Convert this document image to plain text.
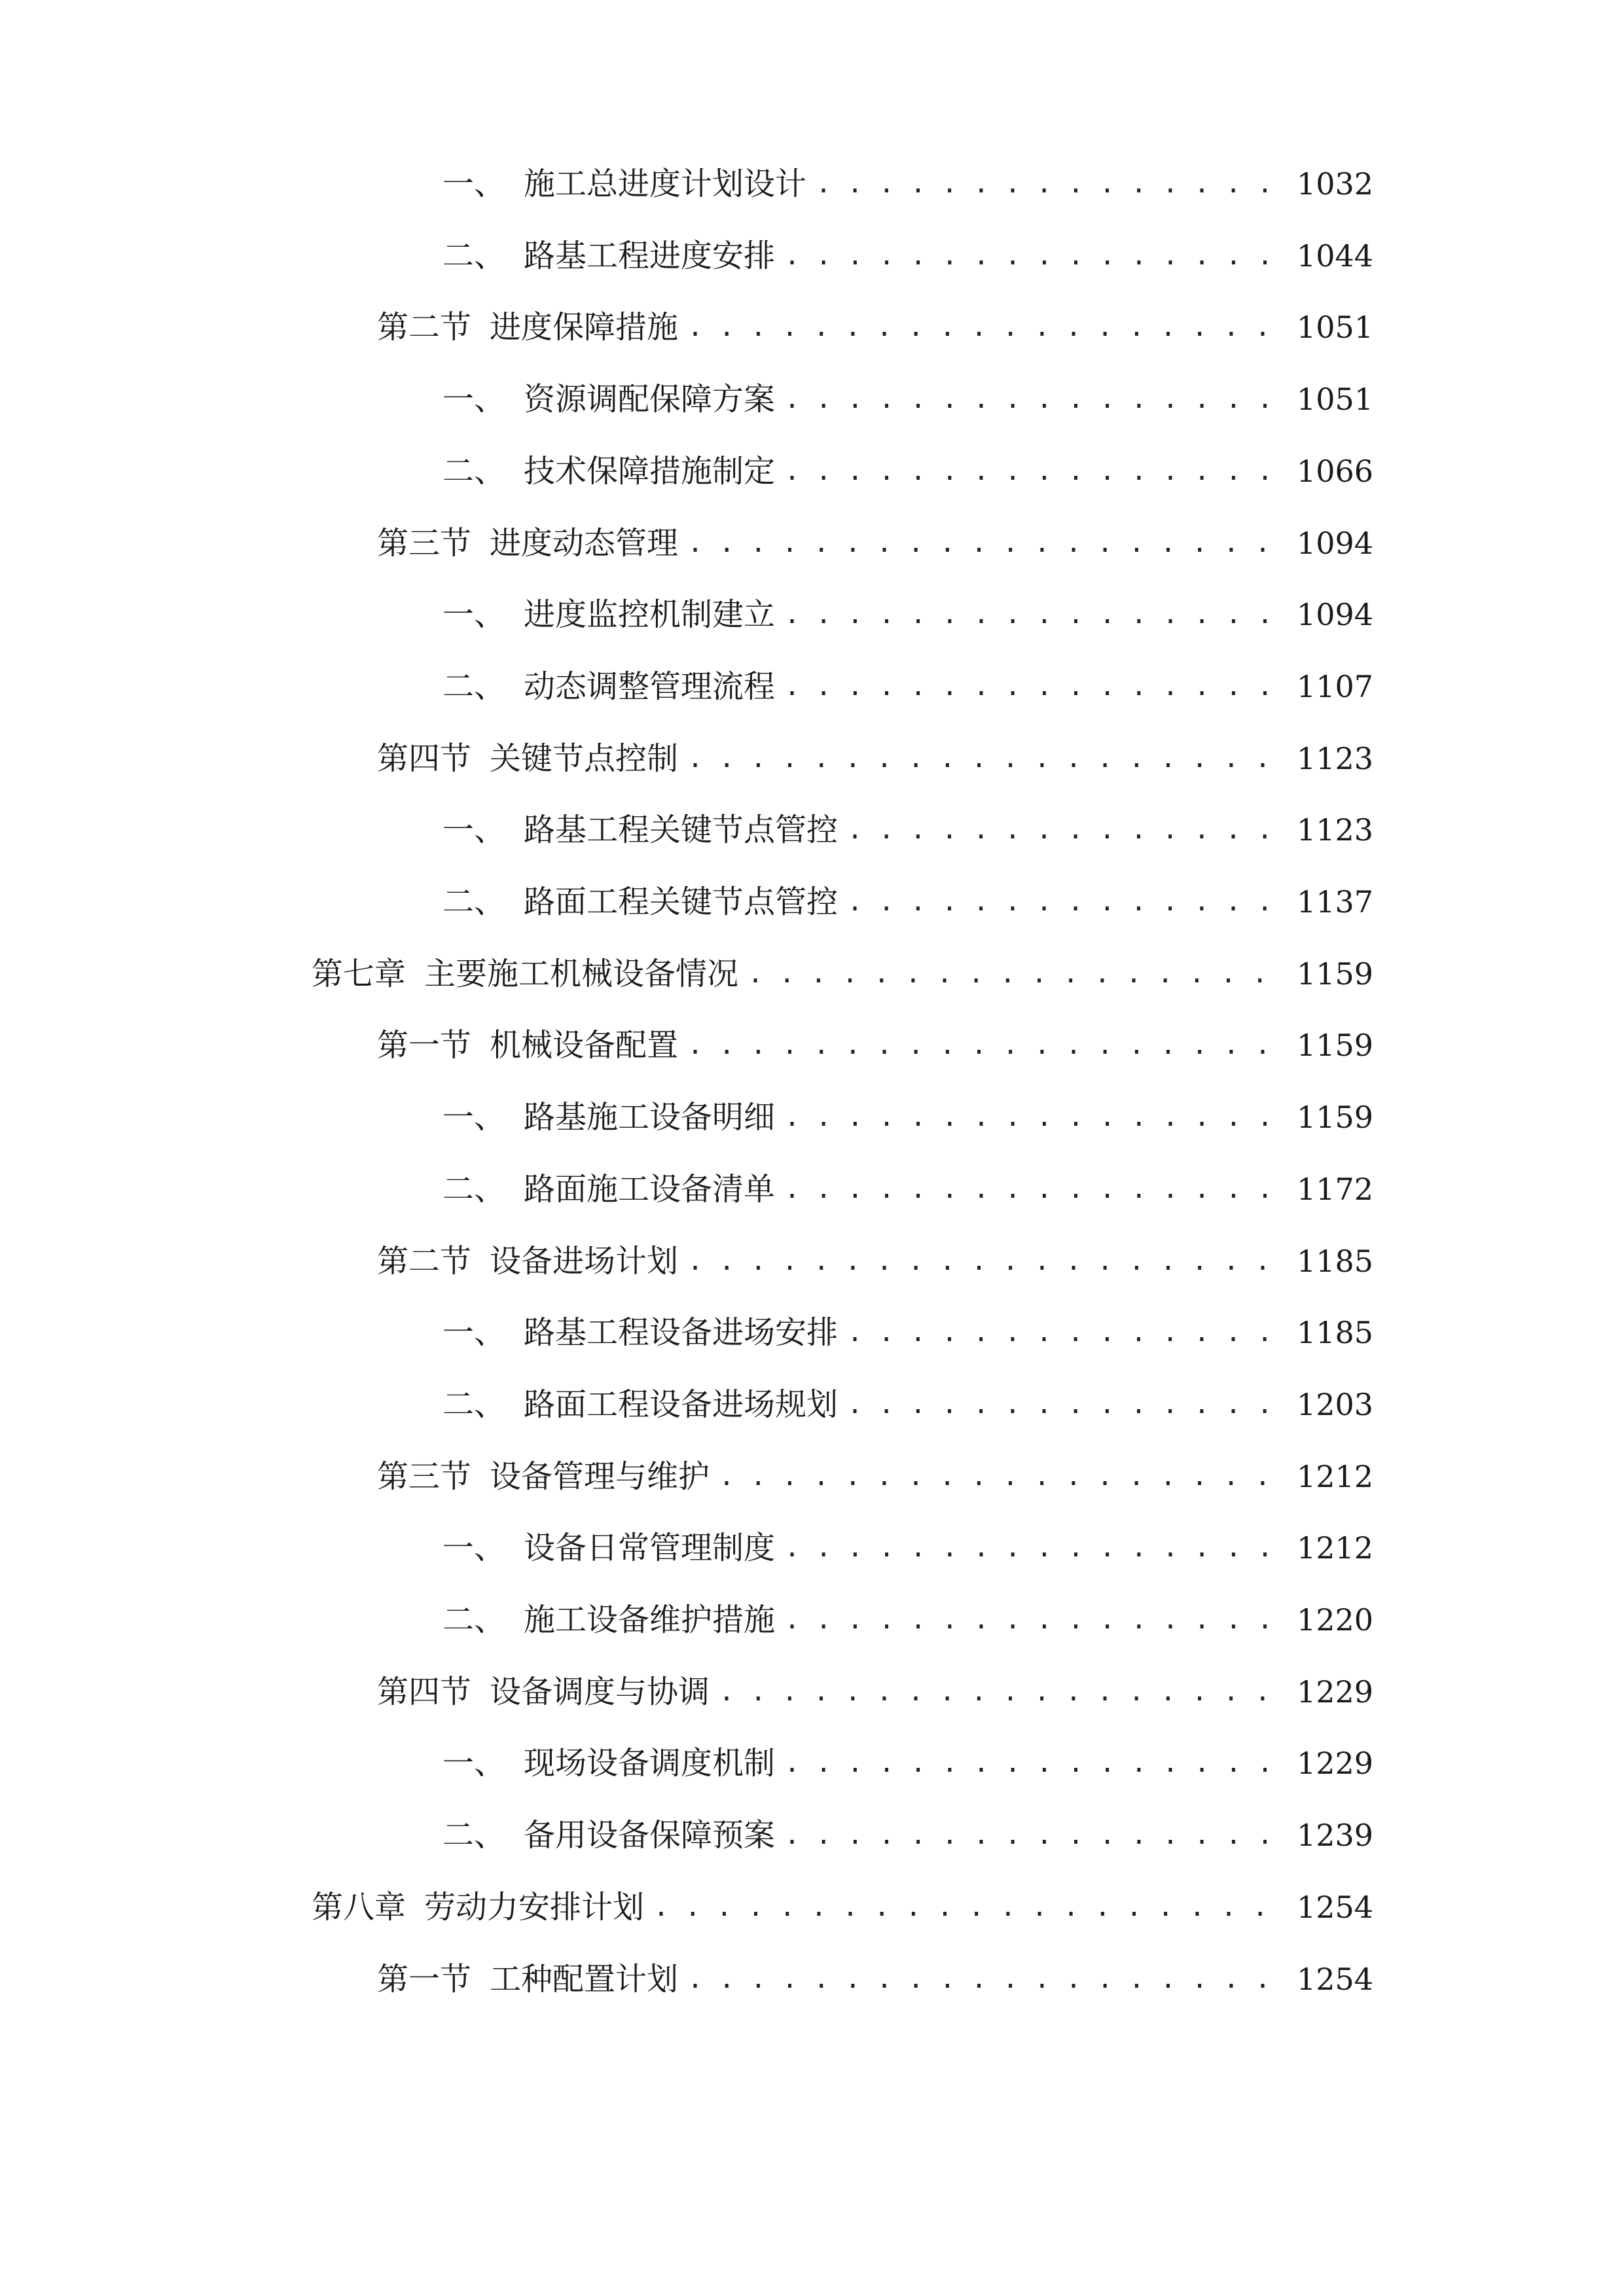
一、 施工总进度计划设计 . . .	1032
二、 路基工程进度安排 . . .	1044
第二节 进度保障措施 . . .	1051
一、 资源调配保障方案 . . .	1051
二、 技术保障措施制定 . . .	1066
第三节 进度动态管理 . . .	1094
一、 进度监控机制建立 . . .	1094
二、 动态调整管理流程 . . .	1107
第四节 关键节点控制 . . .	1123
一、 路基工程关键节点管控 . . .	1123
二、 路面工程关键节点管控 . . .	1137
第七章 主要施工机械设备情况 . . .	1159
第一节 机械设备配置 . . .	1159
一、 路基施工设备明细 . . .	1159
二、 路面施工设备清单 . . .	1172
第二节 设备进场计划 . . .	1185
一、 路基工程设备进场安排 . . .	1185
二、 路面工程设备进场规划 . . .	1203
第三节 设备管理与维护 . . .	1212
一、 设备日常管理制度 . . .	1212
二、 施工设备维护措施 . . .	1220
第四节 设备调度与协调 . . .	1229
一、 现场设备调度机制 . . .	1229
二、 备用设备保障预案 . . .	1239
第八章 劳动力安排计划 . . .	1254
第一节 工种配置计划 . . .	1254
